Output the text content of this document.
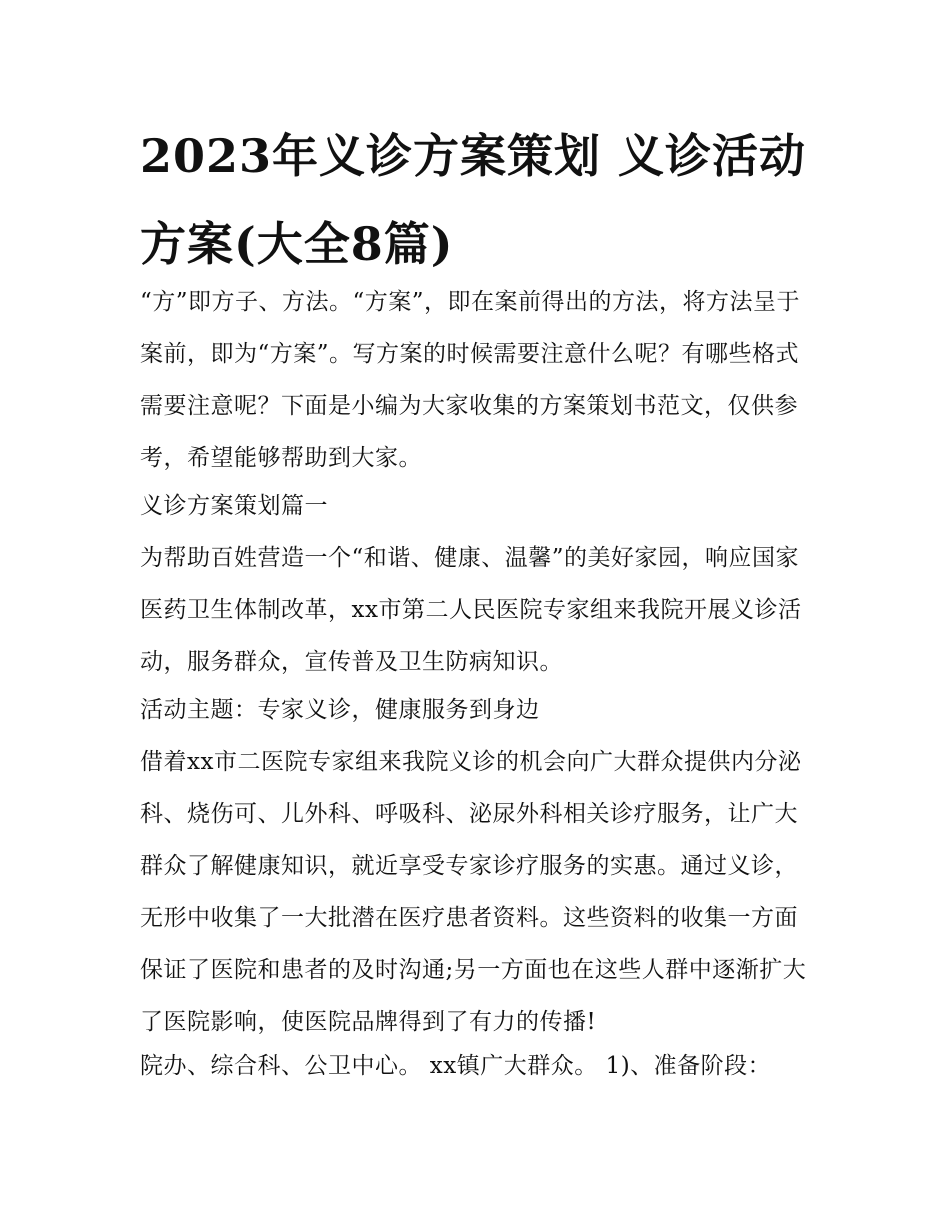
2023年义诊方案策划 义诊活动方案(大全8篇)

“方”即方子、方法。“方案”，即在案前得出的方法，将方法呈于案前，即为“方案”。写方案的时候需要注意什么呢？有哪些格式需要注意呢？下面是小编为大家收集的方案策划书范文，仅供参考，希望能够帮助到大家。

义诊方案策划篇一

为帮助百姓营造一个“和谐、健康、温馨”的美好家园，响应国家医药卫生体制改革，xx市第二人民医院专家组来我院开展义诊活动，服务群众，宣传普及卫生防病知识。

活动主题：专家义诊，健康服务到身边

借着xx市二医院专家组来我院义诊的机会向广大群众提供内分泌科、烧伤可、儿外科、呼吸科、泌尿外科相关诊疗服务，让广大群众了解健康知识，就近享受专家诊疗服务的实惠。通过义诊，无形中收集了一大批潜在医疗患者资料。这些资料的收集一方面保证了医院和患者的及时沟通;另一方面也在这些人群中逐渐扩大了医院影响，使医院品牌得到了有力的传播!

院办、综合科、公卫中心。 xx镇广大群众。 1)、准备阶段：
